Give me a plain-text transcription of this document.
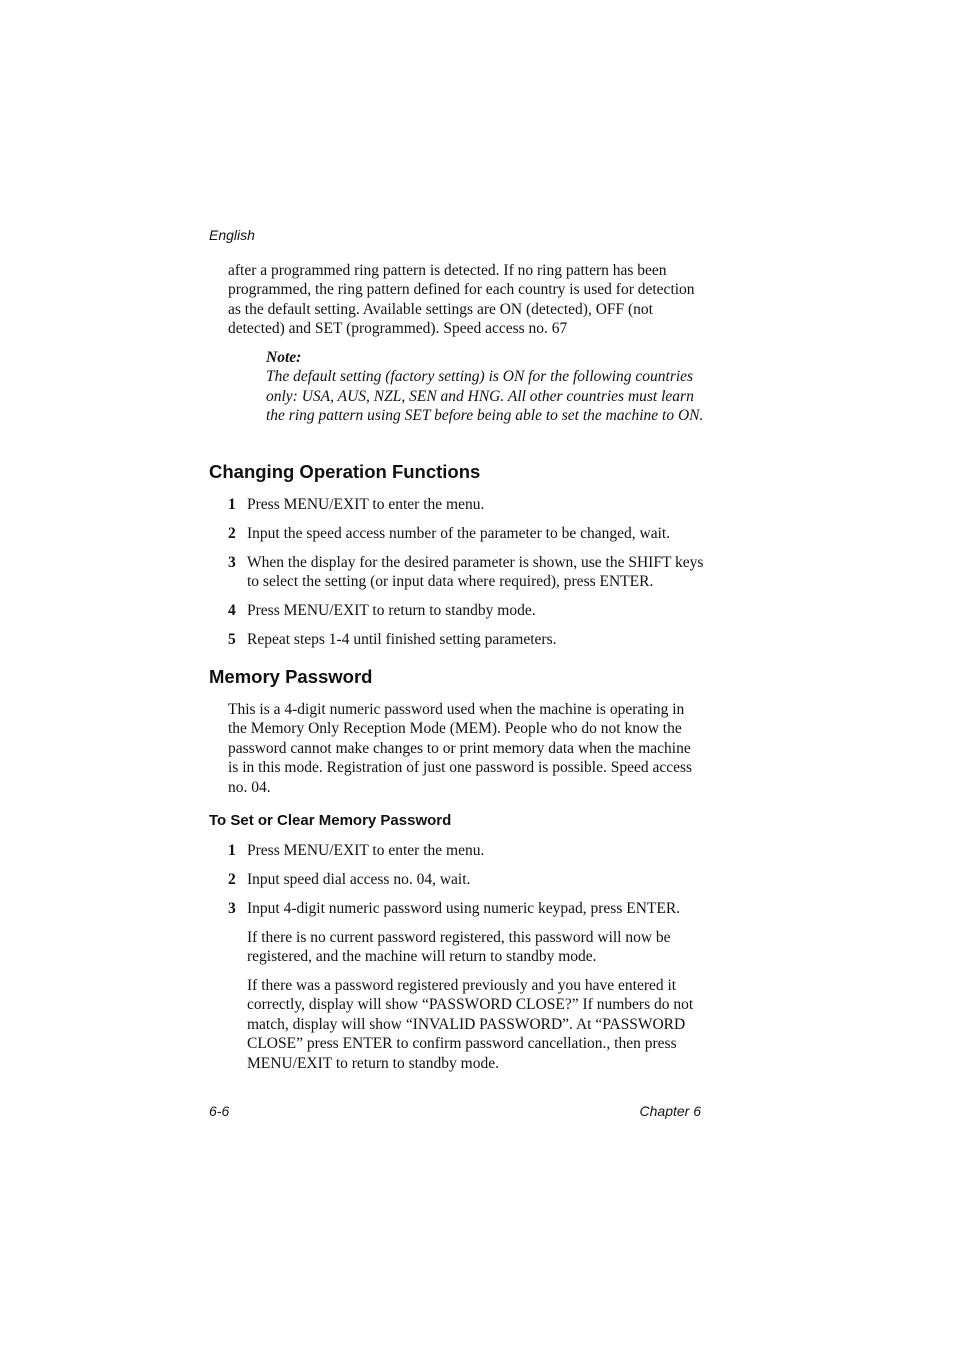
English

after a programmed ring pattern is detected. If no ring pattern has been programmed, the ring pattern defined for each country is used for detection as the default setting. Available settings are ON (detected), OFF (not detected) and SET (programmed). Speed access no. 67

Note:
The default setting (factory setting) is ON for the following countries only: USA, AUS, NZL, SEN and HNG. All other countries must learn the ring pattern using SET before being able to set the machine to ON.
Changing Operation Functions
1 Press MENU/EXIT to enter the menu.
2 Input the speed access number of the parameter to be changed, wait.
3 When the display for the desired parameter is shown, use the SHIFT keys to select the setting (or input data where required), press ENTER.
4 Press MENU/EXIT to return to standby mode.
5 Repeat steps 1-4 until finished setting parameters.
Memory Password

This is a 4-digit numeric password used when the machine is operating in the Memory Only Reception Mode (MEM). People who do not know the password cannot make changes to or print memory data when the machine is in this mode. Registration of just one password is possible. Speed access no. 04.

To Set or Clear Memory Password
1 Press MENU/EXIT to enter the menu.
2 Input speed dial access no. 04, wait.
3 Input 4-digit numeric password using numeric keypad, press ENTER.

If there is no current password registered, this password will now be registered, and the machine will return to standby mode.

If there was a password registered previously and you have entered it correctly, display will show “PASSWORD CLOSE?” If numbers do not match, display will show “INVALID PASSWORD”. At “PASSWORD CLOSE” press ENTER to confirm password cancellation., then press MENU/EXIT to return to standby mode.

6-6	Chapter 6
